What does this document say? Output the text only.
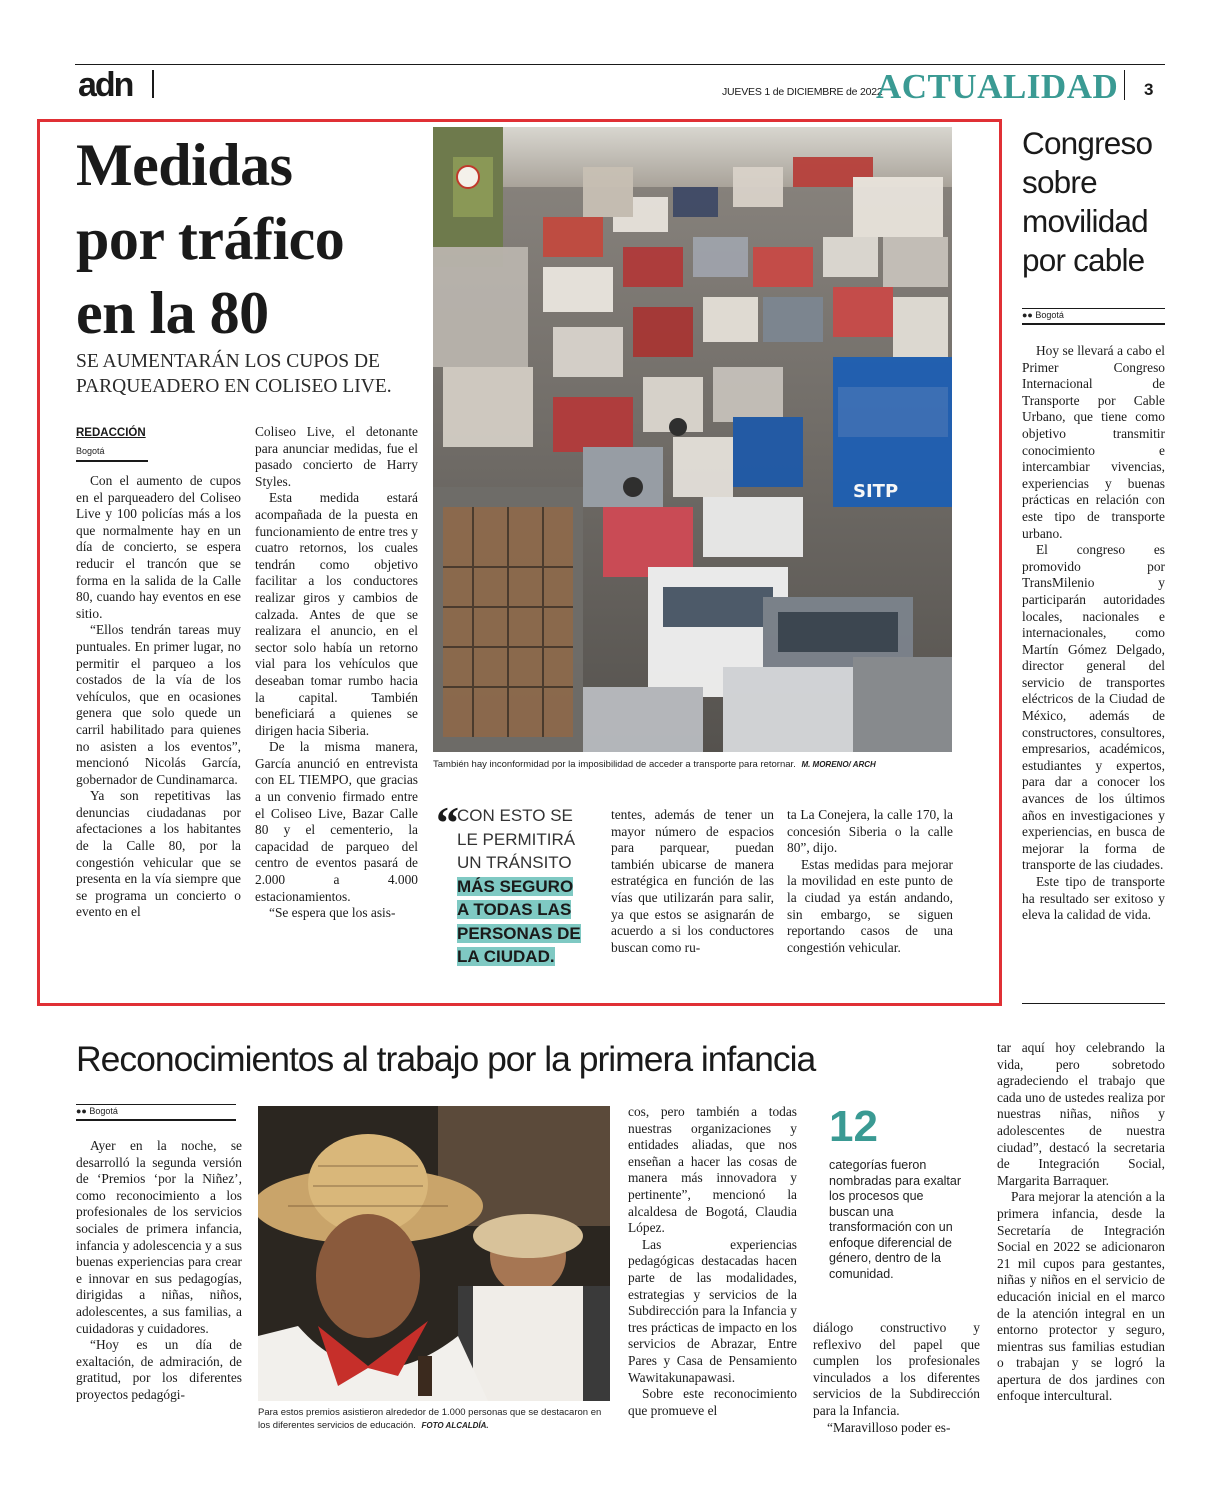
adn	JUEVES 1 de DICIEMBRE de 2022
ACTUALIDAD 3
Medidas
por tráfico
en la 80
SE AUMENTARÁN LOS CUPOS DE
PARQUEADERO EN COLISEO LIVE.
REDACCIÓN
Bogotá

Con el aumento de cupos en el parqueadero del Coliseo Live y 100 policías más a los que normalmente hay en un día de concierto, se espera reducir el trancón que se forma en la salida de la Calle 80, cuando hay eventos en ese sitio.

“Ellos tendrán tareas muy puntuales. En primer lugar, no permitir el parqueo a los costados de la vía de los vehículos, que en ocasiones genera que solo quede un carril habilitado para quienes no asisten a los eventos”, mencionó Nicolás García, gobernador de Cundinamarca.

Ya son repetitivas las denuncias ciudadanas por afectaciones a los habitantes de la Calle 80, por la congestión vehicular que se presenta en la vía siempre que se programa un concierto o evento en el

Coliseo Live, el detonante para anunciar medidas, fue el pasado concierto de Harry Styles.

Esta medida estará acompañada de la puesta en funcionamiento de entre tres y cuatro retornos, los cuales tendrán como objetivo facilitar a los conductores realizar giros y cambios de calzada. Antes de que se realizara el anuncio, en el sector solo había un retorno vial para los vehículos que deseaban tomar rumbo hacia la capital. También beneficiará a quienes se dirigen hacia Siberia.

De la misma manera, García anunció en entrevista con EL TIEMPO, que gracias a un convenio firmado entre el Coliseo Live, Bazar Calle 80 y el cementerio, la capacidad de parqueo del centro de eventos pasará de 2.000 a 4.000 estacionamientos.

“Se espera que los asis-

SITP
También hay inconformidad por la imposibilidad de acceder a transporte para retornar. M. MORENO/ ARCH
“
CON ESTO SE
LE PERMITIRÁ
UN TRÁNSITO
MÁS SEGURO
A TODAS LAS
PERSONAS DE
LA CIUDAD.

tentes, además de tener un mayor número de espacios para parquear, puedan también ubicarse de manera estratégica en función de las vías que utilizarán para salir, ya que estos se asignarán de acuerdo a si los conductores buscan como ru-

ta La Conejera, la calle 170, la concesión Siberia o la calle 80”, dijo.

Estas medidas para mejorar la movilidad en este punto de la ciudad ya están andando, sin embargo, se siguen reportando casos de una congestión vehicular.

Congreso
sobre
movilidad
por cable
●● Bogotá

Hoy se llevará a cabo el Primer Congreso Internacional de Transporte por Cable Urbano, que tiene como objetivo transmitir conocimiento e intercambiar vivencias, experiencias y buenas prácticas en relación con este tipo de transporte urbano.

El congreso es promovido por TransMilenio y participarán autoridades locales, nacionales e internacionales, como Martín Gómez Delgado, director general del servicio de transportes eléctricos de la Ciudad de México, además de constructores, consultores, empresarios, académicos, estudiantes y expertos, para dar a conocer los avances de los últimos años en investigaciones y experiencias, en busca de mejorar la forma de transporte de las ciudades.

Este tipo de transporte ha resultado ser exitoso y eleva la calidad de vida.

Reconocimientos al trabajo por la primera infancia
●● Bogotá

Ayer en la noche, se desarrolló la segunda versión de ‘Premios ‘por la Niñez’, como reconocimiento a los profesionales de los servicios sociales de primera infancia, infancia y adolescencia y a sus buenas experiencias para crear e innovar en sus pedagogías, dirigidas a niñas, niños, adolescentes, a sus familias, a cuidadoras y cuidadores.

“Hoy es un día de exaltación, de admiración, de gratitud, por los diferentes proyectos pedagógi-

Para estos premios asistieron alrededor de 1.000 personas que se destacaron en los diferentes servicios de educación. FOTO ALCALDÍA.

cos, pero también a todas nuestras organizaciones y entidades aliadas, que nos enseñan a hacer las cosas de manera más innovadora y pertinente”, mencionó la alcaldesa de Bogotá, Claudia López.

Las experiencias pedagógicas destacadas hacen parte de las modalidades, estrategias y servicios de la Subdirección para la Infancia y tres prácticas de impacto en los servicios de Abrazar, Entre Pares y Casa de Pensamiento Wawitakunapawasi.

Sobre este reconocimiento que promueve el

12
categorías fueron nombradas para exaltar los procesos que buscan una transformación con un enfoque diferencial de género, dentro de la comunidad.

diálogo constructivo y reflexivo del papel que cumplen los profesionales vinculados a los diferentes servicios de la Subdirección para la Infancia.

“Maravilloso poder es-

tar aquí hoy celebrando la vida, pero sobretodo agradeciendo el trabajo que cada uno de ustedes realiza por nuestras niñas, niños y adolescentes de nuestra ciudad”, destacó la secretaria de Integración Social, Margarita Barraquer.

Para mejorar la atención a la primera infancia, desde la Secretaría de Integración Social en 2022 se adicionaron 21 mil cupos para gestantes, niñas y niños en el servicio de educación inicial en el marco de la atención integral en un entorno protector y seguro, mientras sus familias estudian o trabajan y se logró la apertura de dos jardines con enfoque intercultural.
